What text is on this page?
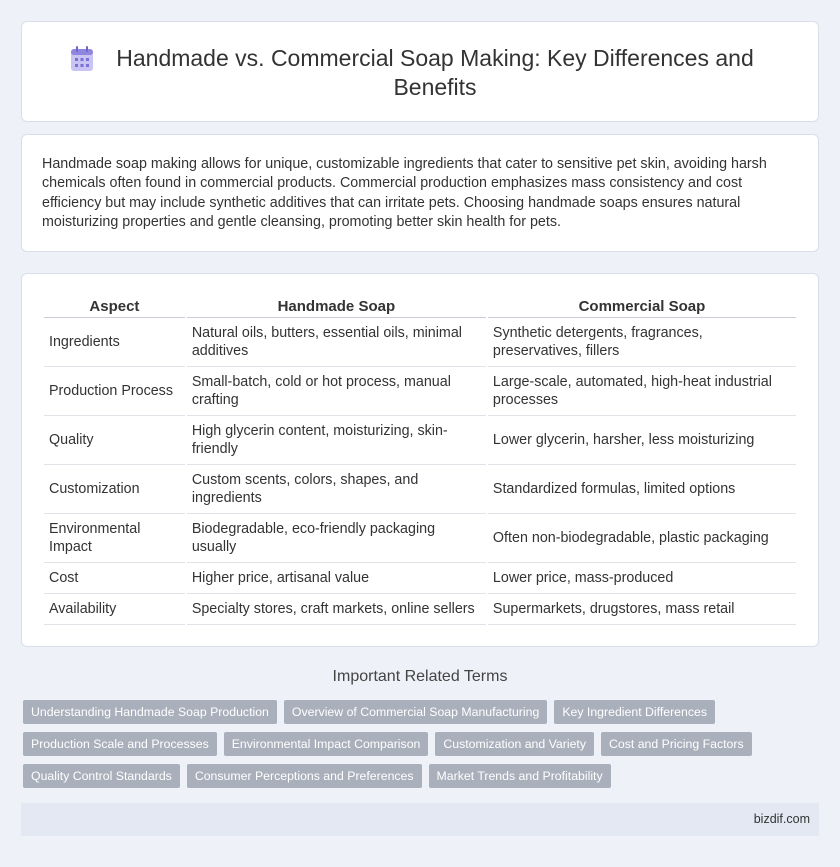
Handmade vs. Commercial Soap Making: Key Differences and Benefits

Handmade soap making allows for unique, customizable ingredients that cater to sensitive pet skin, avoiding harsh chemicals often found in commercial products. Commercial production emphasizes mass consistency and cost efficiency but may include synthetic additives that can irritate pets. Choosing handmade soaps ensures natural moisturizing properties and gentle cleansing, promoting better skin health for pets.

Aspect	Handmade Soap	Commercial Soap
Ingredients	Natural oils, butters, essential oils, minimal additives	Synthetic detergents, fragrances, preservatives, fillers
Production Process	Small-batch, cold or hot process, manual crafting	Large-scale, automated, high-heat industrial processes
Quality	High glycerin content, moisturizing, skin-friendly	Lower glycerin, harsher, less moisturizing
Customization	Custom scents, colors, shapes, and ingredients	Standardized formulas, limited options
Environmental Impact	Biodegradable, eco-friendly packaging usually	Often non-biodegradable, plastic packaging
Cost	Higher price, artisanal value	Lower price, mass-produced
Availability	Specialty stores, craft markets, online sellers	Supermarkets, drugstores, mass retail
Important Related Terms
Understanding Handmade Soap Production	Overview of Commercial Soap Manufacturing	Key Ingredient Differences
Production Scale and Processes	Environmental Impact Comparison	Customization and Variety	Cost and Pricing Factors
Quality Control Standards	Consumer Perceptions and Preferences	Market Trends and Profitability
bizdif.com
